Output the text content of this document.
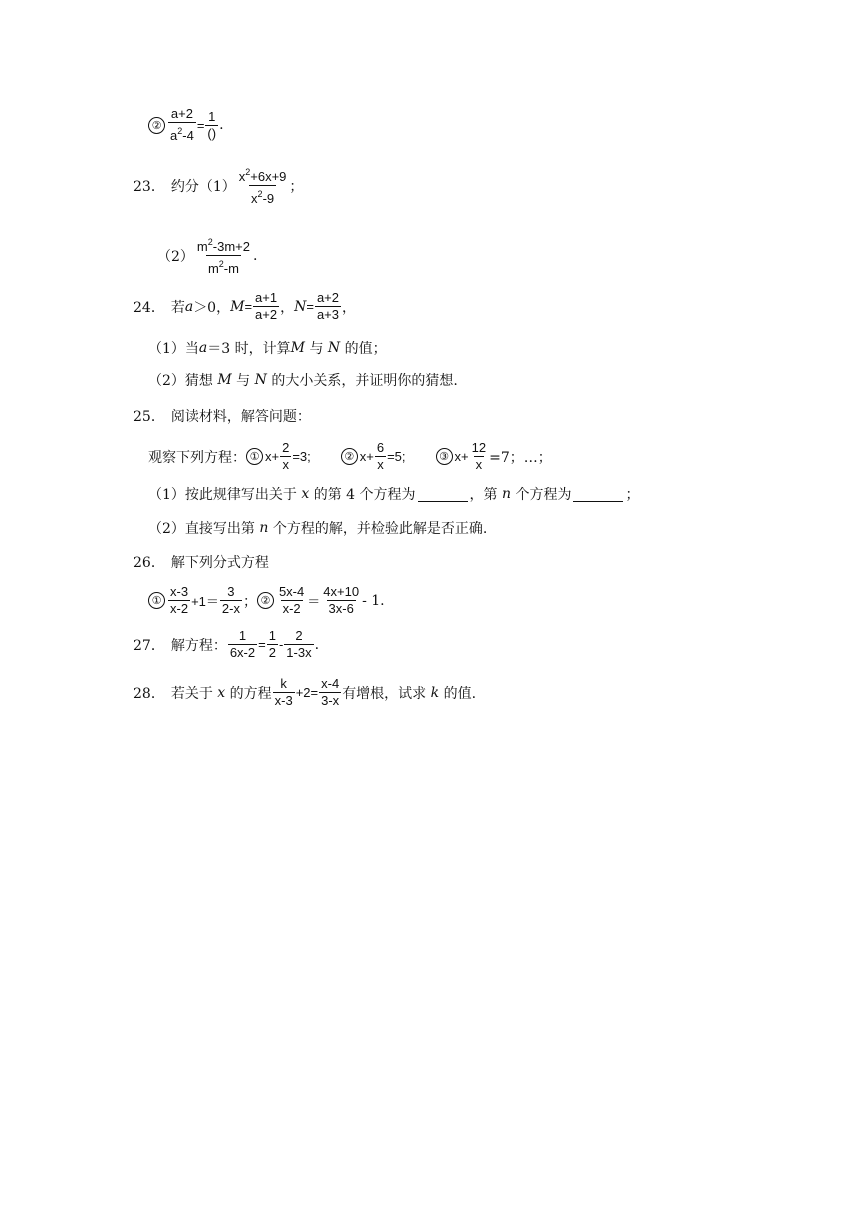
② $\frac{a+2}{a^2-4} = \frac{1}{()}$ .
23． 约分$(1) \frac{x^2+6x+9}{x^2-9}$ ；
$(2) \frac{m^2-3m+2}{m^2-m}$ .
24． 若 a ＞0， $M = \frac{a+1}{a+2}$ ， $N = \frac{a+2}{a+3}$ ，
（1）当 a ＝3 时，计算 M
与
N
的值；
（2）猜想
M
与
N
的大小关系，并证明你的猜想.
25． 阅读材料，解答问题：
观察下列方程： ① $x+ \frac{2}{x} =3$;	② $x+ \frac{6}{x} =5$;	③ $x+ \frac{12}{x} =7$；…；
（1）按此规律写出关于
x
的第 4 个方程为	，第
n
个方程为	；
（2）直接写出第
n
个方程的解，并检验此解是否正确.
26． 解下列分式方程
① $\frac{x-3}{x-2} +1= \frac{3}{2-x}$ ； ② $\frac{5x-4}{x-2} = \frac{4x+10}{3x-6} - 1$.
27． 解方程： $\frac{1}{6x-2} = \frac{1}{2} - \frac{2}{1-3x}$ .
28． 若关于
x
的方程 $\frac{k}{x-3} +2= \frac{x-4}{3-x}$ 有增根，试求
k
的值.
